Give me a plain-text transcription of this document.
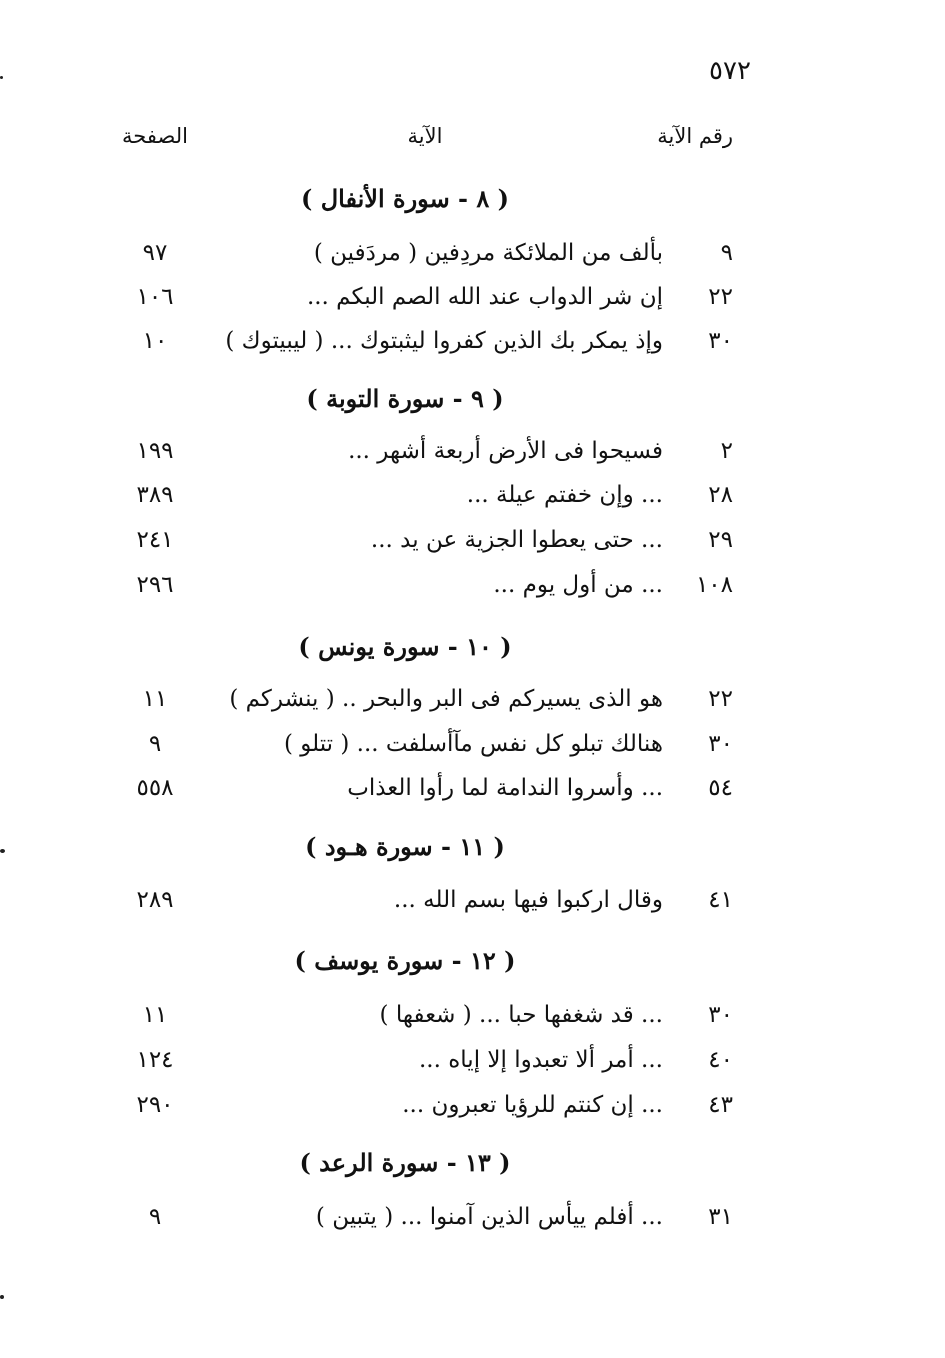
٥٧٢
رقم الآية
الآية
الصفحة
( ٨ - سورة الأنفال )
٩
بألف من الملائكة مردِفين ( مردَفين )
٩٧
٢٢
إن شر الدواب عند الله الصم البكم ...
١٠٦
٣٠
وإذ يمكر بك الذين كفروا ليثبتوك ... ( ليبيتوك )
١٠
( ٩ - سورة التوبة )
٢
فسيحوا فى الأرض أربعة أشهر ...
١٩٩
٢٨
... وإن خفتم عيلة ...
٣٨٩
٢٩
... حتى يعطوا الجزية عن يد ...
٢٤١
١٠٨
... من أول يوم ...
٢٩٦
( ١٠ - سورة يونس )
٢٢
هو الذى يسيركم فى البر والبحر .. ( ينشركم )
١١
٣٠
هنالك تبلو كل نفس مآأسلفت ... ( تتلو )
٩
٥٤
... وأسروا الندامة لما رأوا العذاب
٥٥٨
( ١١ - سورة هـود )
٤١
وقال اركبوا فيها بسم الله ...
٢٨٩
( ١٢ - سورة يوسف )
٣٠
... قد شغفها حبا ... ( شعفها )
١١
٤٠
... أمر ألا تعبدوا إلا إياه ...
١٢٤
٤٣
... إن كنتم للرؤيا تعبرون ...
٢٩٠
( ١٣ - سورة الرعد )
٣١
... أفلم ييأس الذين آمنوا ... ( يتبين )
٩
